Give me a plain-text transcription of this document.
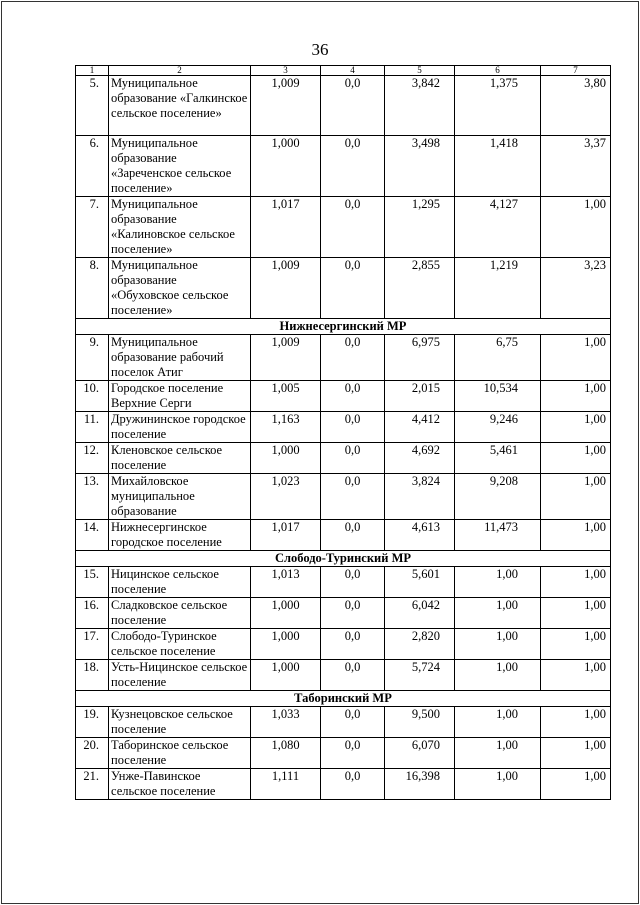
36
1	2	3	4	5	6	7
5.	Муниципальное образование «Галкинское сельское поселение»	1,009	0,0	3,842	1,375	3,80
6.	Муниципальное образование «Зареченское сельское поселение»	1,000	0,0	3,498	1,418	3,37
7.	Муниципальное образование «Калиновское сельское поселение»	1,017	0,0	1,295	4,127	1,00
8.	Муниципальное образование «Обуховское сельское поселение»	1,009	0,0	2,855	1,219	3,23
Нижнесергинский МР						
9.	Муниципальное образование рабочий поселок Атиг	1,009	0,0	6,975	6,75	1,00
10.	Городское поселение Верхние Серги	1,005	0,0	2,015	10,534	1,00
11.	Дружининское городское поселение	1,163	0,0	4,412	9,246	1,00
12.	Кленовское сельское поселение	1,000	0,0	4,692	5,461	1,00
13.	Михайловское муниципальное образование	1,023	0,0	3,824	9,208	1,00
14.	Нижнесергинское городское поселение	1,017	0,0	4,613	11,473	1,00
Слободо-Туринский МР						
15.	Ницинское сельское поселение	1,013	0,0	5,601	1,00	1,00
16.	Сладковское сельское поселение	1,000	0,0	6,042	1,00	1,00
17.	Слободо-Туринское сельское поселение	1,000	0,0	2,820	1,00	1,00
18.	Усть-Ницинское сельское поселение	1,000	0,0	5,724	1,00	1,00
Таборинский МР						
19.	Кузнецовское сельское поселение	1,033	0,0	9,500	1,00	1,00
20.	Таборинское сельское поселение	1,080	0,0	6,070	1,00	1,00
21.	Унже-Павинское сельское поселение	1,111	0,0	16,398	1,00	1,00
